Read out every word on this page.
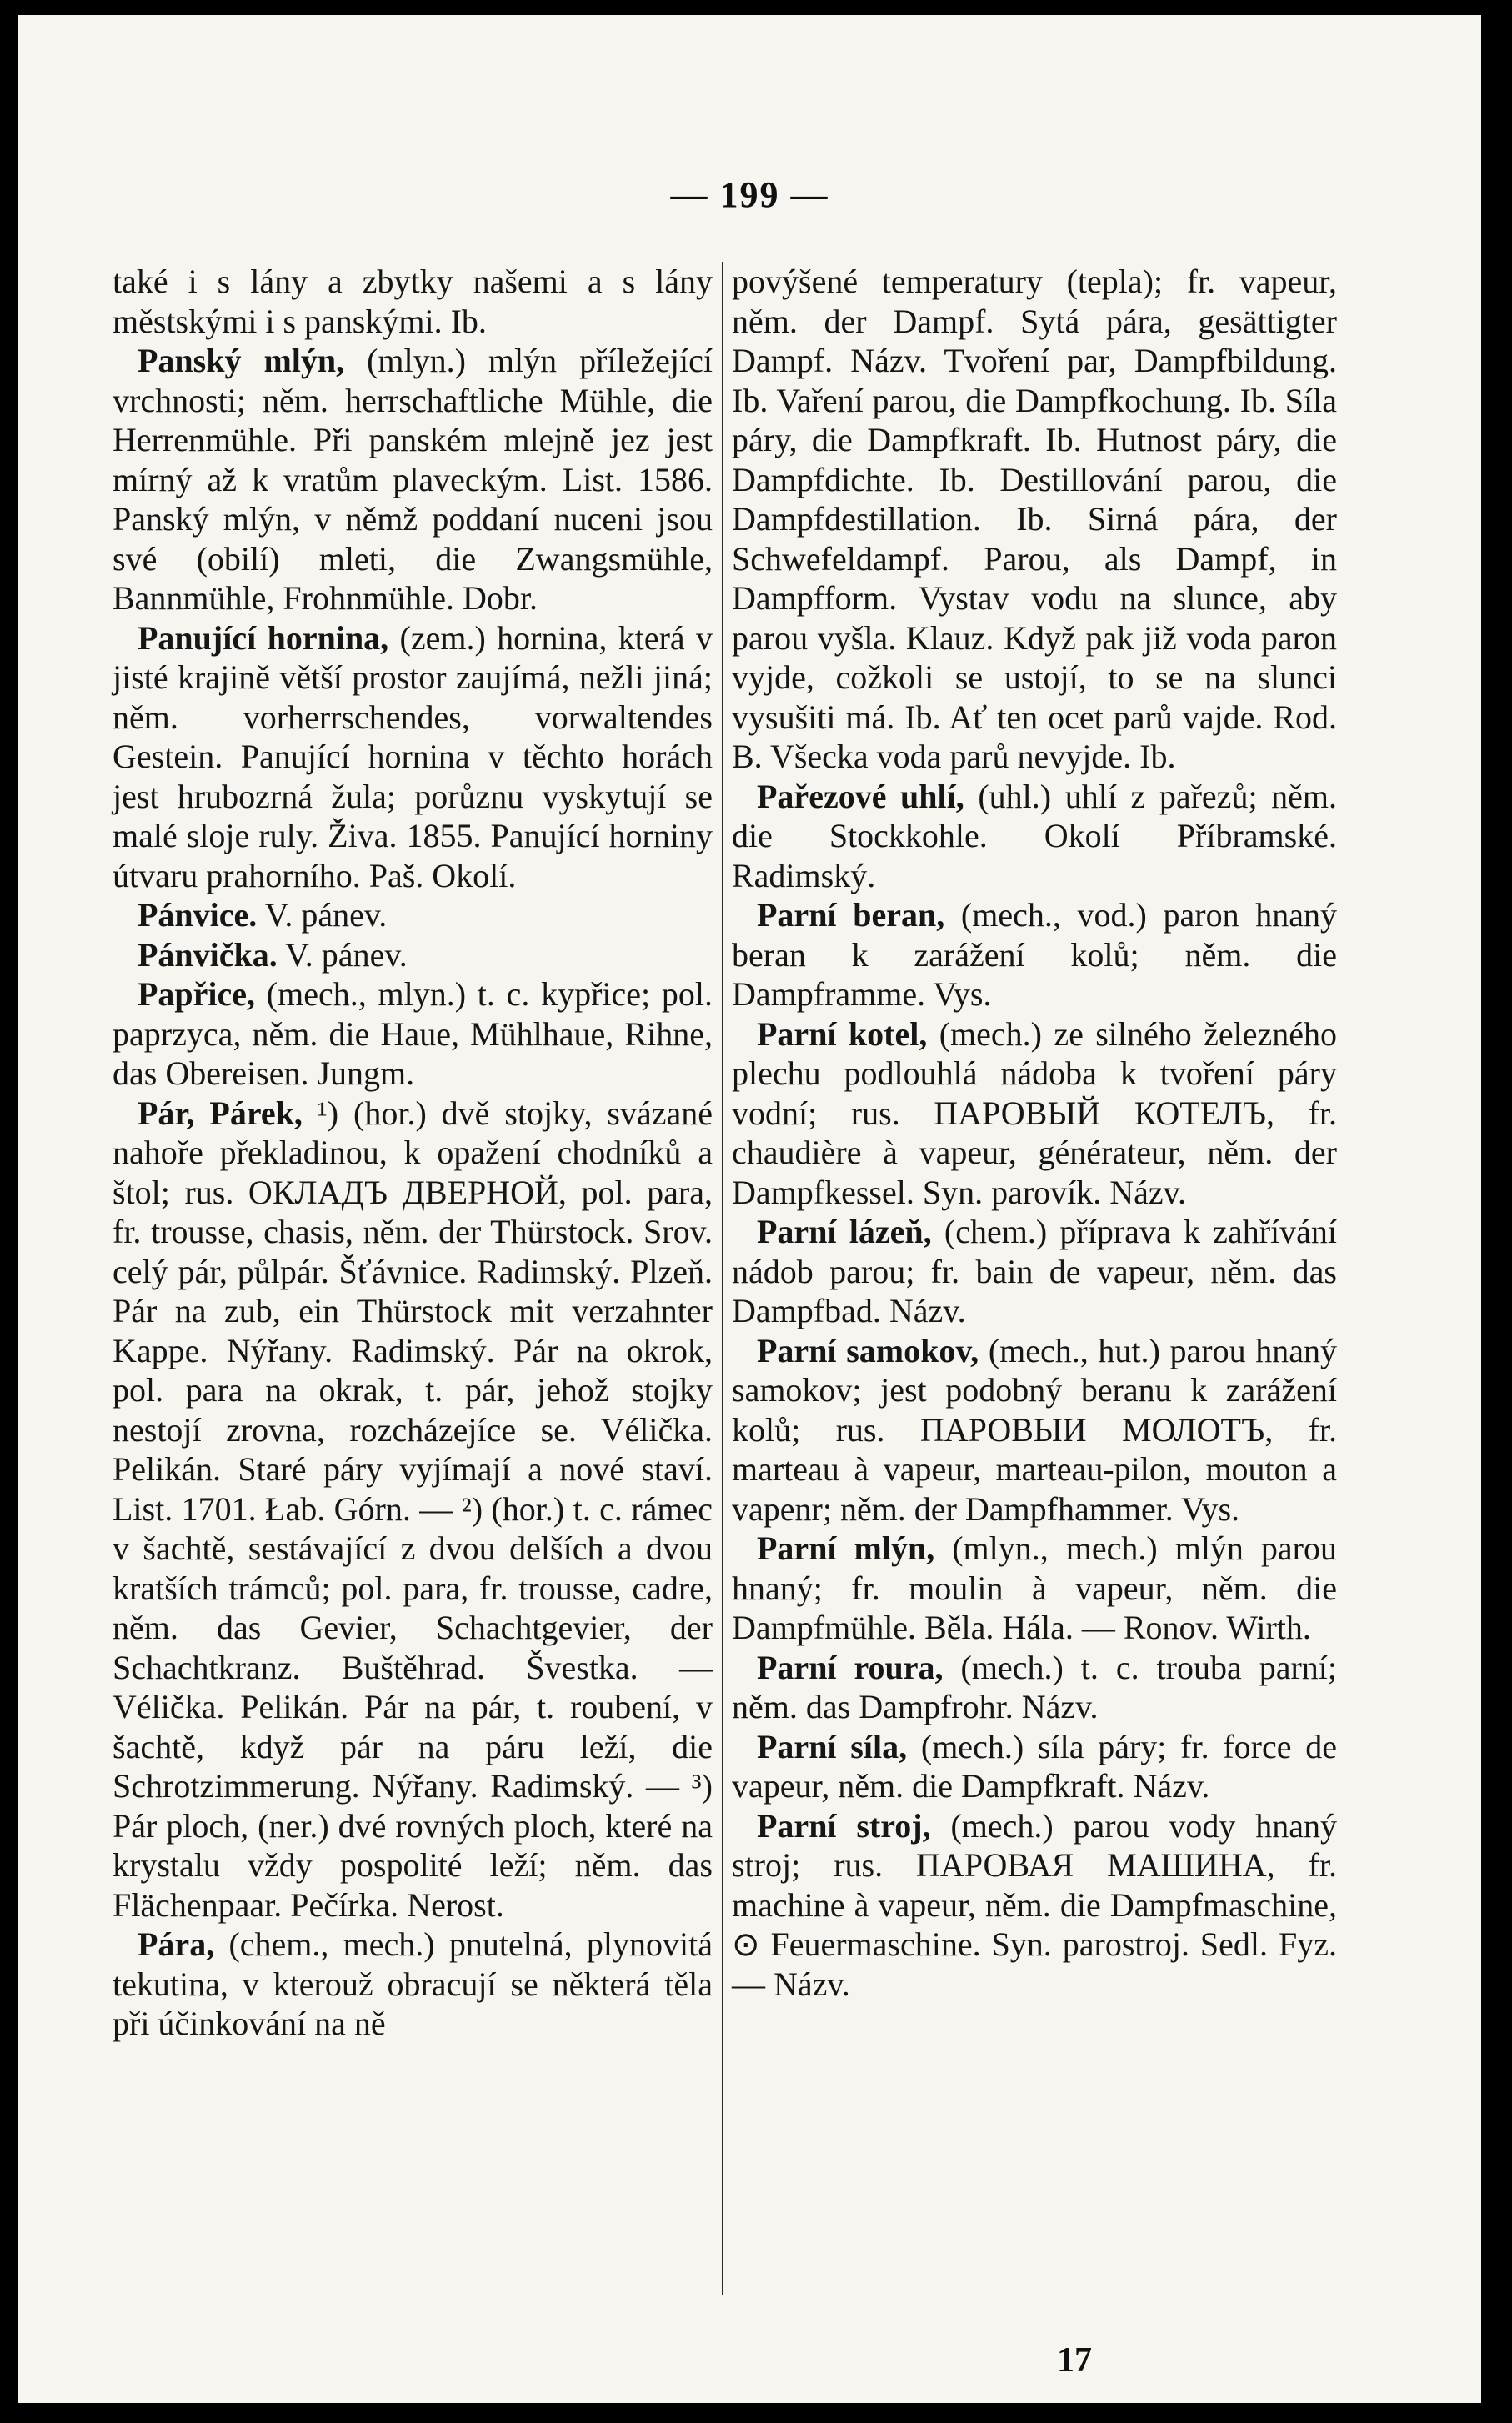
— 199 —

také i s lány a zbytky našemi a s lány městskými i s panskými. Ib.

Panský mlýn, (mlyn.) mlýn příležející vrchnosti; něm. herrschaftliche Mühle, die Herrenmühle. Při panském mlejně jez jest mírný až k vratům plaveckým. List. 1586. Panský mlýn, v němž poddaní nuceni jsou své (obilí) mleti, die Zwangsmühle, Bannmühle, Frohnmühle. Dobr.

Panující hornina, (zem.) hornina, která v jisté krajině větší prostor zaujímá, nežli jiná; něm. vorherrschendes, vorwaltendes Gestein. Panující hornina v těchto horách jest hrubozrná žula; porůznu vyskytují se malé sloje ruly. Živa. 1855. Panující horniny útvaru prahorního. Paš. Okolí.

Pánvice. V. pánev.

Pánvička. V. pánev.

Papřice, (mech., mlyn.) t. c. kypřice; pol. paprzyca, něm. die Haue, Mühlhaue, Rihne, das Obereisen. Jungm.

Pár, Párek, ¹) (hor.) dvě stojky, svázané nahoře překladinou, k opažení chodníků a štol; rus. ОКЛАДЪ ДВЕРНОЙ, pol. para, fr. trousse, chasis, něm. der Thürstock. Srov. celý pár, půlpár. Šťávnice. Radimský. Plzeň. Pár na zub, ein Thürstock mit verzahnter Kappe. Nýřany. Radimský. Pár na okrok, pol. para na okrak, t. pár, jehož stojky nestojí zrovna, rozcházejíce se. Vélička. Pelikán. Staré páry vyjímají a nové staví. List. 1701. Łab. Górn. — ²) (hor.) t. c. rámec v šachtě, sestávající z dvou delších a dvou kratších trámců; pol. para, fr. trousse, cadre, něm. das Gevier, Schachtgevier, der Schachtkranz. Buštěhrad. Švestka. — Vélička. Pelikán. Pár na pár, t. roubení, v šachtě, když pár na páru leží, die Schrotzimmerung. Nýřany. Radimský. — ³) Pár ploch, (ner.) dvé rovných ploch, které na krystalu vždy pospolité leží; něm. das Flächenpaar. Pečírka. Nerost.

Pára, (chem., mech.) pnutelná, plynovitá tekutina, v kterouž obracují se některá těla při účinkování na ně

povýšené temperatury (tepla); fr. vapeur, něm. der Dampf. Sytá pára, gesättigter Dampf. Názv. Tvoření par, Dampfbildung. Ib. Vaření parou, die Dampfkochung. Ib. Síla páry, die Dampfkraft. Ib. Hutnost páry, die Dampfdichte. Ib. Destillování parou, die Dampfdestillation. Ib. Sirná pára, der Schwefeldampf. Parou, als Dampf, in Dampfform. Vystav vodu na slunce, aby parou vyšla. Klauz. Když pak již voda paron vyjde, cožkoli se ustojí, to se na slunci vysušiti má. Ib. Ať ten ocet parů vajde. Rod. B. Všecka voda parů nevyjde. Ib.

Pařezové uhlí, (uhl.) uhlí z pařezů; něm. die Stockkohle. Okolí Příbramské. Radimský.

Parní beran, (mech., vod.) paron hnaný beran k zarážení kolů; něm. die Dampframme. Vys.

Parní kotel, (mech.) ze silného železného plechu podlouhlá nádoba k tvoření páry vodní; rus. ПАРОВЫЙ КОТЕЛЪ, fr. chaudière à vapeur, générateur, něm. der Dampfkessel. Syn. parovík. Názv.

Parní lázeň, (chem.) příprava k zahřívání nádob parou; fr. bain de vapeur, něm. das Dampfbad. Názv.

Parní samokov, (mech., hut.) parou hnaný samokov; jest podobný beranu k zarážení kolů; rus. ПАРОВЫИ МОЛОТЪ, fr. marteau à vapeur, marteau-pilon, mouton a vapenr; něm. der Dampfhammer. Vys.

Parní mlýn, (mlyn., mech.) mlýn parou hnaný; fr. moulin à vapeur, něm. die Dampfmühle. Běla. Hála. — Ronov. Wirth.

Parní roura, (mech.) t. c. trouba parní; něm. das Dampfrohr. Názv.

Parní síla, (mech.) síla páry; fr. force de vapeur, něm. die Dampfkraft. Názv.

Parní stroj, (mech.) parou vody hnaný stroj; rus. ПАРОВАЯ МАШИНА, fr. machine à vapeur, něm. die Dampfmaschine, ⊙ Feuermaschine. Syn. parostroj. Sedl. Fyz. — Názv.

17
